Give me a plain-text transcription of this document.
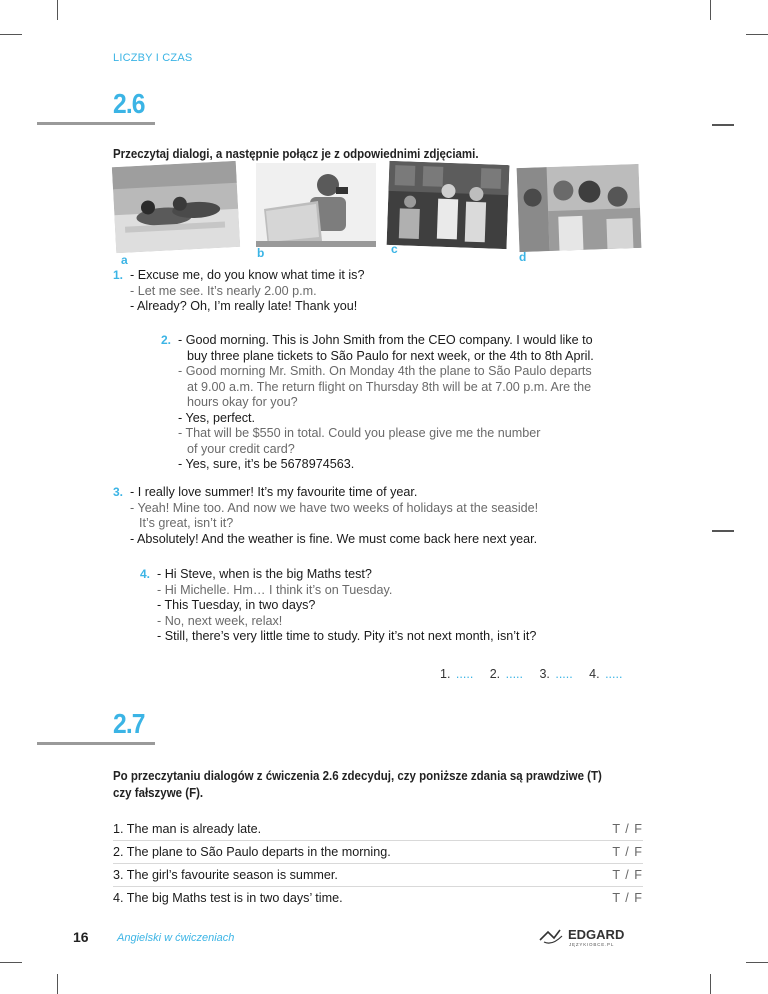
LICZBY I CZAS
2.6
Przeczytaj dialogi, a następnie połącz je z odpowiednimi zdjęciami.
a	b	c
d
1. - Excuse me, do you know what time it is?
- Let me see. It’s nearly 2.00 p.m.
- Already? Oh, I’m really late! Thank you!
2. - Good morning. This is John Smith from the CEO company. I would like to
buy three plane tickets to São Paulo for next week, or the 4th to 8th April.
- Good morning Mr. Smith. On Monday 4th the plane to São Paulo departs
at 9.00 a.m. The return flight on Thursday 8th will be at 7.00 p.m. Are the
hours okay for you?
- Yes, perfect.
- That will be $550 in total. Could you please give me the number
of your credit card?
- Yes, sure, it’s be 5678974563.
3. - I really love summer! It’s my favourite time of year.
- Yeah! Mine too. And now we have two weeks of holidays at the seaside!
It’s great, isn’t it?
- Absolutely! And the weather is fine. We must come back here next year.
4. - Hi Steve, when is the big Maths test?
- Hi Michelle. Hm… I think it’s on Tuesday.
- This Tuesday, in two days?
- No, next week, relax!
- Still, there’s very little time to study. Pity it’s not next month, isn’t it?
1. ..... 2. ..... 3. ..... 4. .....
2.7
Po przeczytaniu dialogów z ćwiczenia 2.6 zdecyduj, czy poniższe zdania są prawdziwe (T)
czy fałszywe (F).
1. The man is already late.	T / F
2. The plane to São Paulo departs in the morning.	T / F
3. The girl’s favourite season is summer.	T / F
4. The big Maths test is in two days’ time.	T / F
16	Angielski w ćwiczeniach	EDGARD
JĘZYKIOBCE.PL
